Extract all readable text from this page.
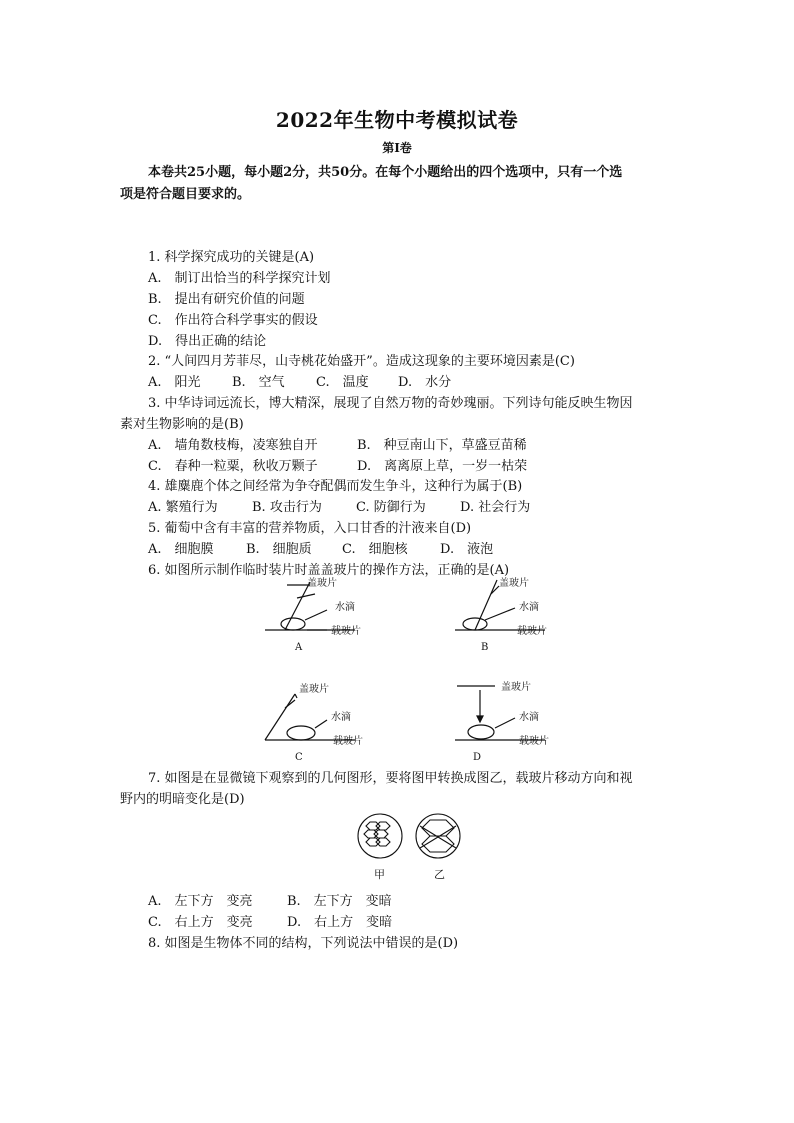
2022年生物中考模拟试卷
第Ⅰ卷
本卷共25小题，每小题2分，共50分。在每个小题给出的四个选项中，只有一个选
项是符合题目要求的。
1. 科学探究成功的关键是(A)
A.　制订出恰当的科学探究计划
B.　提出有研究价值的问题
C.　作出符合科学事实的假设
D.　得出正确的结论
2. “人间四月芳菲尽，山寺桃花始盛开”。造成这现象的主要环境因素是(C)
A.　阳光 B.　空气 C.　温度 D.　水分
3. 中华诗词远流长，博大精深，展现了自然万物的奇妙瑰丽。下列诗句能反映生物因
素对生物影响的是(B)
A.　墙角数枝梅，凌寒独自开	B.　种豆南山下，草盛豆苗稀
C.　春种一粒粟，秋收万颗子	D.　离离原上草，一岁一枯荣
4. 雄麋鹿个体之间经常为争夺配偶而发生争斗，这种行为属于(B)
A. 繁殖行为	B. 攻击行为	C. 防御行为	D. 社会行为
5. 葡萄中含有丰富的营养物质，入口甘香的汁液来自(D)
A.　细胞膜 B.　细胞质 C.　细胞核 D.　液泡
6. 如图所示制作临时装片时盖盖玻片的操作方法，正确的是(A)
盖玻片
水滴
载玻片
A
盖玻片
水滴
载玻片
B
盖玻片
水滴
载玻片
C
盖玻片
水滴
载玻片
D
7. 如图是在显微镜下观察到的几何图形，要将图甲转换成图乙，载玻片移动方向和视
野内的明暗变化是(D)
甲	乙
A.　左下方　变亮	B.　左下方　变暗
C.　右上方　变亮	D.　右上方　变暗
8. 如图是生物体不同的结构，下列说法中错误的是(D)
